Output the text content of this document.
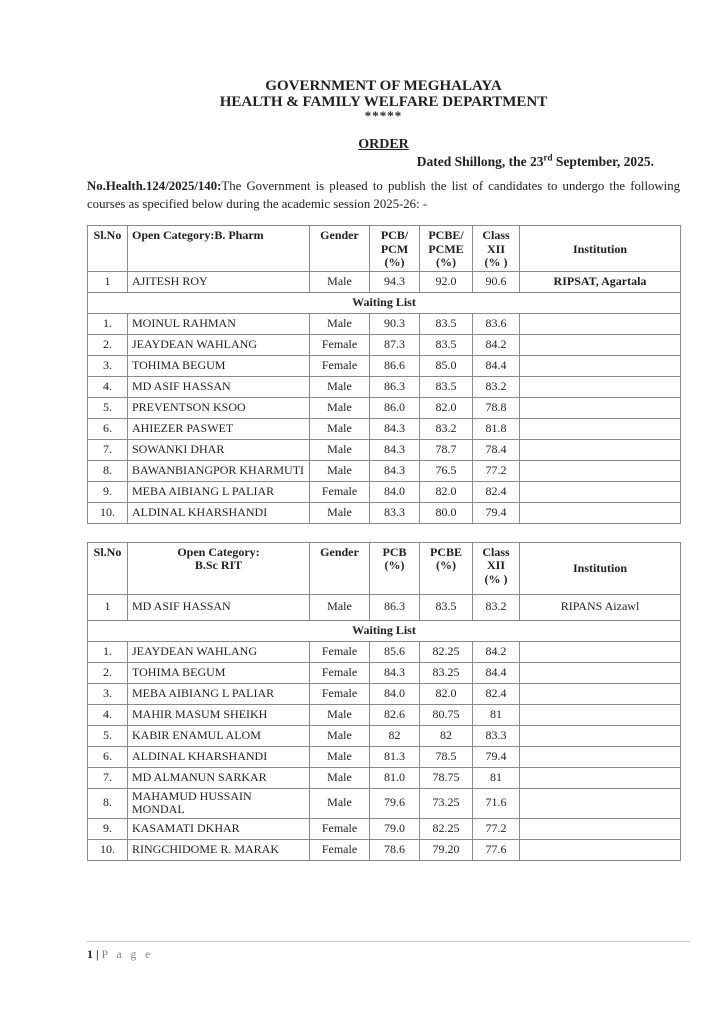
GOVERNMENT OF MEGHALAYA
HEALTH & FAMILY WELFARE DEPARTMENT
*****
ORDER
Dated Shillong, the 23rd September, 2025.

No.Health.124/2025/140:The Government is pleased to publish the list of candidates to undergo the following courses as specified below during the academic session 2025-26: -

Sl.No	Open Category:B. Pharm	Gender	PCB/
PCM
(%)	PCBE/
PCME
(%)	Class
XII
(% )	Institution
1	AJITESH ROY	Male	94.3	92.0	90.6	RIPSAT, Agartala
Waiting List						
1.	MOINUL RAHMAN	Male	90.3	83.5	83.6	
2.	JEAYDEAN WAHLANG	Female	87.3	83.5	84.2	
3.	TOHIMA BEGUM	Female	86.6	85.0	84.4	
4.	MD ASIF HASSAN	Male	86.3	83.5	83.2	
5.	PREVENTSON KSOO	Male	86.0	82.0	78.8	
6.	AHIEZER PASWET	Male	84.3	83.2	81.8	
7.	SOWANKI DHAR	Male	84.3	78.7	78.4	
8.	BAWANBIANGPOR KHARMUTI	Male	84.3	76.5	77.2	
9.	MEBA AIBIANG L PALIAR	Female	84.0	82.0	82.4	
10.	ALDINAL KHARSHANDI	Male	83.3	80.0	79.4	
Sl.No	Open Category:
B.Sc RIT	Gender	PCB
(%)	PCBE
(%)	Class
XII
(% )	Institution
1	MD ASIF HASSAN	Male	86.3	83.5	83.2	RIPANS Aizawl
Waiting List						
1.	JEAYDEAN WAHLANG	Female	85.6	82.25	84.2	
2.	TOHIMA BEGUM	Female	84.3	83.25	84.4	
3.	MEBA AIBIANG L PALIAR	Female	84.0	82.0	82.4	
4.	MAHIR MASUM SHEIKH	Male	82.6	80.75	81	
5.	KABIR ENAMUL ALOM	Male	82	82	83.3	
6.	ALDINAL KHARSHANDI	Male	81.3	78.5	79.4	
7.	MD ALMANUN SARKAR	Male	81.0	78.75	81	
8.	MAHAMUD HUSSAIN MONDAL	Male	79.6	73.25	71.6	
9.	KASAMATI DKHAR	Female	79.0	82.25	77.2	
10.	RINGCHIDOME R. MARAK	Female	78.6	79.20	77.6	
1 | P a g e
